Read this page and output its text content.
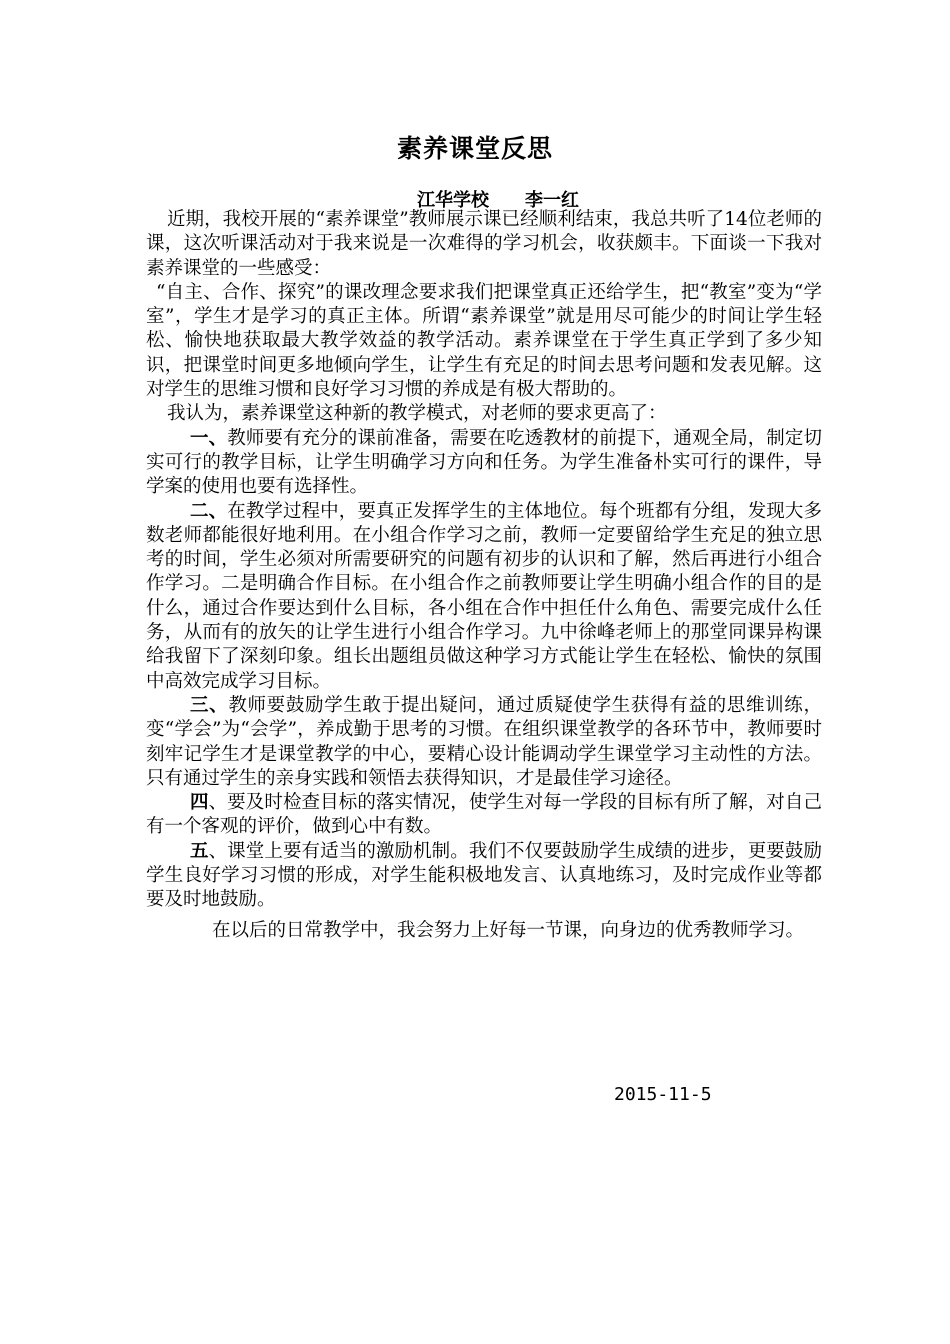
素养课堂反思
江华学校　　李一红

近期，我校开展的“素养课堂”教师展示课已经顺利结束，我总共听了14位老师的课，这次听课活动对于我来说是一次难得的学习机会，收获颇丰。下面谈一下我对素养课堂的一些感受：

“自主、合作、探究”的课改理念要求我们把课堂真正还给学生，把“教室”变为“学室”，学生才是学习的真正主体。所谓“素养课堂”就是用尽可能少的时间让学生轻松、愉快地获取最大教学效益的教学活动。素养课堂在于学生真正学到了多少知识，把课堂时间更多地倾向学生，让学生有充足的时间去思考问题和发表见解。这对学生的思维习惯和良好学习习惯的养成是有极大帮助的。

我认为，素养课堂这种新的教学模式，对老师的要求更高了：

一、教师要有充分的课前准备，需要在吃透教材的前提下，通观全局，制定切实可行的教学目标，让学生明确学习方向和任务。为学生准备朴实可行的课件，导学案的使用也要有选择性。

二、在教学过程中，要真正发挥学生的主体地位。每个班都有分组，发现大多数老师都能很好地利用。在小组合作学习之前，教师一定要留给学生充足的独立思考的时间，学生必须对所需要研究的问题有初步的认识和了解，然后再进行小组合作学习。二是明确合作目标。在小组合作之前教师要让学生明确小组合作的目的是什么，通过合作要达到什么目标，各小组在合作中担任什么角色、需要完成什么任务，从而有的放矢的让学生进行小组合作学习。九中徐峰老师上的那堂同课异构课给我留下了深刻印象。组长出题组员做这种学习方式能让学生在轻松、愉快的氛围中高效完成学习目标。

三、教师要鼓励学生敢于提出疑问，通过质疑使学生获得有益的思维训练，变“学会”为“会学”，养成勤于思考的习惯。在组织课堂教学的各环节中，教师要时刻牢记学生才是课堂教学的中心，要精心设计能调动学生课堂学习主动性的方法。只有通过学生的亲身实践和领悟去获得知识，才是最佳学习途径。

四、要及时检查目标的落实情况，使学生对每一学段的目标有所了解，对自己有一个客观的评价，做到心中有数。

五、课堂上要有适当的激励机制。我们不仅要鼓励学生成绩的进步，更要鼓励学生良好学习习惯的形成，对学生能积极地发言、认真地练习，及时完成作业等都要及时地鼓励。

在以后的日常教学中，我会努力上好每一节课，向身边的优秀教师学习。

2015-11-5
